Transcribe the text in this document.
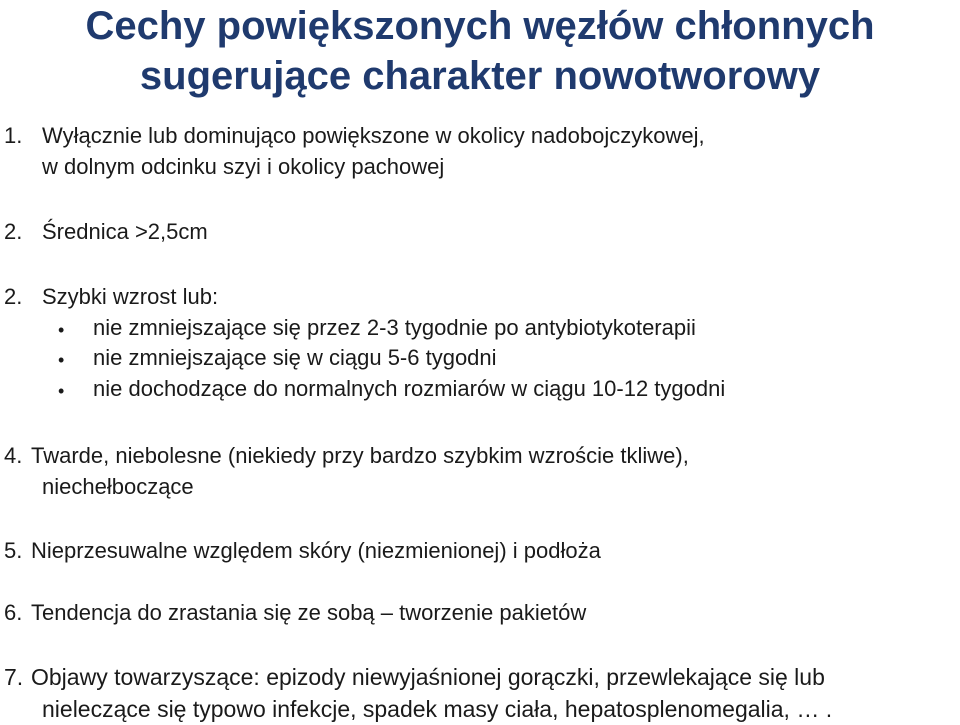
Cechy powiększonych węzłów chłonnych
sugerujące charakter nowotworowy
1. Wyłącznie lub dominująco powiększone w okolicy nadobojczykowej,
w dolnym odcinku szyi i okolicy pachowej
2. Średnica >2,5cm
2. Szybki wzrost lub:
• nie zmniejszające się przez 2-3 tygodnie po antybiotykoterapii
• nie zmniejszające się w ciągu 5-6 tygodni
• nie dochodzące do normalnych rozmiarów w ciągu 10-12 tygodni
4. Twarde, niebolesne (niekiedy przy bardzo szybkim wzroście tkliwe),
niechełboczące
5. Nieprzesuwalne względem skóry (niezmienionej) i podłoża
6. Tendencja do zrastania się ze sobą – tworzenie pakietów
7. Objawy towarzyszące: epizody niewyjaśnionej gorączki, przewlekające się lub
nieleczące się typowo infekcje, spadek masy ciała, hepatosplenomegalia, … .
